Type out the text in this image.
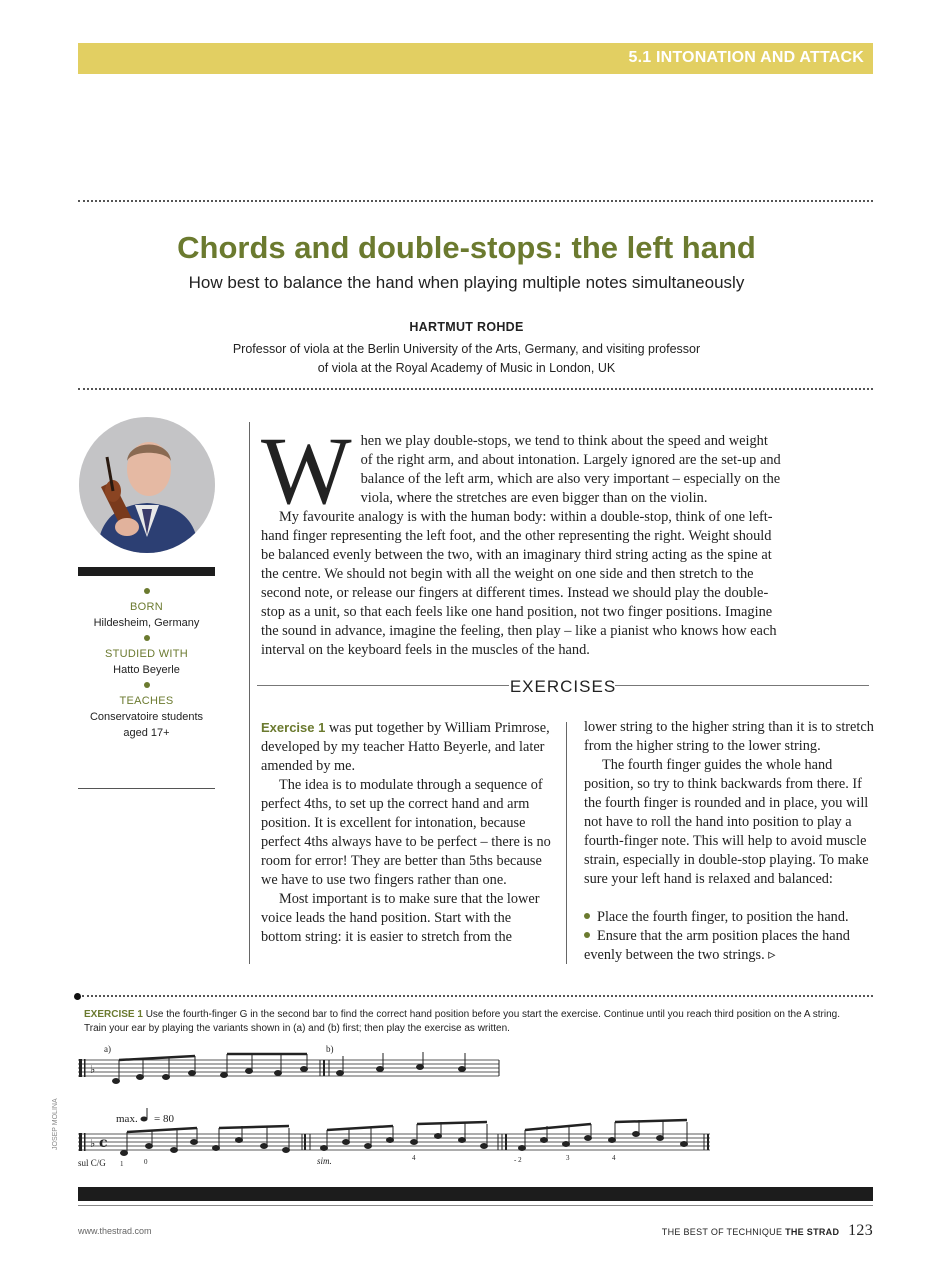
5.1 INTONATION AND ATTACK
Chords and double-stops: the left hand
How best to balance the hand when playing multiple notes simultaneously
HARTMUT ROHDE
Professor of viola at the Berlin University of the Arts, Germany, and visiting professor
of viola at the Royal Academy of Music in London, UK
BORN
Hildesheim, Germany
STUDIED WITH
Hatto Beyerle
TEACHES
Conservatoire students
aged 17+
W hen we play double-stops, we tend to think about the speed and weight of the right arm, and about intonation. Largely ignored are the set-up and balance of the left arm, which are also very important – especially on the viola, where the stretches are even bigger than on the violin.

My favourite analogy is with the human body: within a double-stop, think of one left-hand finger representing the left foot, and the other representing the right. Weight should be balanced evenly between the two, with an imaginary third string acting as the spine at the centre. We should not begin with all the weight on one side and then stretch to the second note, or release our fingers at different times. Instead we should play the double-stop as a unit, so that each feels like one hand position, not two finger positions. Imagine the sound in advance, imagine the feeling, then play – like a pianist who knows how each interval on the keyboard feels in the muscles of the hand.

EXERCISES

Exercise 1 was put together by William Primrose, developed by my teacher Hatto Beyerle, and later amended by me.

The idea is to modulate through a sequence of perfect 4ths, to set up the correct hand and arm position. It is excellent for intonation, because perfect 4ths always have to be perfect – there is no room for error! They are better than 5ths because we have to use two fingers rather than one.

Most important is to make sure that the lower voice leads the hand position. Start with the bottom string: it is easier to stretch from the

lower string to the higher string than it is to stretch from the higher string to the lower string.

The fourth finger guides the whole hand position, so try to think backwards from there. If the fourth finger is rounded and in place, you will not have to roll the hand into position to play a fourth-finger note. This will help to avoid muscle strain, especially in double-stop playing. To make sure your left hand is relaxed and balanced:

Place the fourth finger, to position the hand.

Ensure that the arm position places the hand evenly between the two strings. ▹

EXERCISE 1 Use the fourth-finger G in the second bar to find the correct hand position before you start the exercise. Continue until you reach third position on the A string. Train your ear by playing the variants shown in (a) and (b) first; then play the exercise as written.
♭
♭ c
a)	b)
max. = 80
sul C/G 1	0	sim.	4	- 2	3	4
JOSEP MOLINA
www.thestrad.com	THE BEST OF TECHNIQUE THE STRAD 123
